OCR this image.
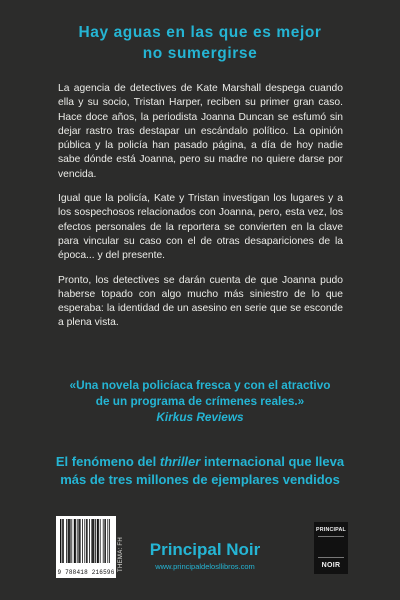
Hay aguas en las que es mejor
no sumergirse

La agencia de detectives de Kate Marshall despega cuando ella y su socio, Tristan Harper, reciben su primer gran caso. Hace doce años, la periodista Joanna Duncan se esfumó sin dejar rastro tras destapar un escándalo político. La opinión pública y la policía han pasado página, a día de hoy nadie sabe dónde está Joanna, pero su madre no quiere darse por vencida.

Igual que la policía, Kate y Tristan investigan los lugares y a los sospechosos relacionados con Joanna, pero, esta vez, los efectos personales de la reportera se convierten en la clave para vincular su caso con el de otras desapariciones de la época... y del presente.

Pronto, los detectives se darán cuenta de que Joanna pudo haberse topado con algo mucho más siniestro de lo que esperaba: la identidad de un asesino en serie que se esconde a plena vista.

«Una novela policíaca fresca y con el atractivo
de un programa de crímenes reales.»
Kirkus Reviews
El fenómeno del thriller internacional que lleva
más de tres millones de ejemplares vendidos
9 788418 216596
THEMA: FH	Principal Noir
www.principaldelosllibros.com
PRINCIPAL
NOIR
